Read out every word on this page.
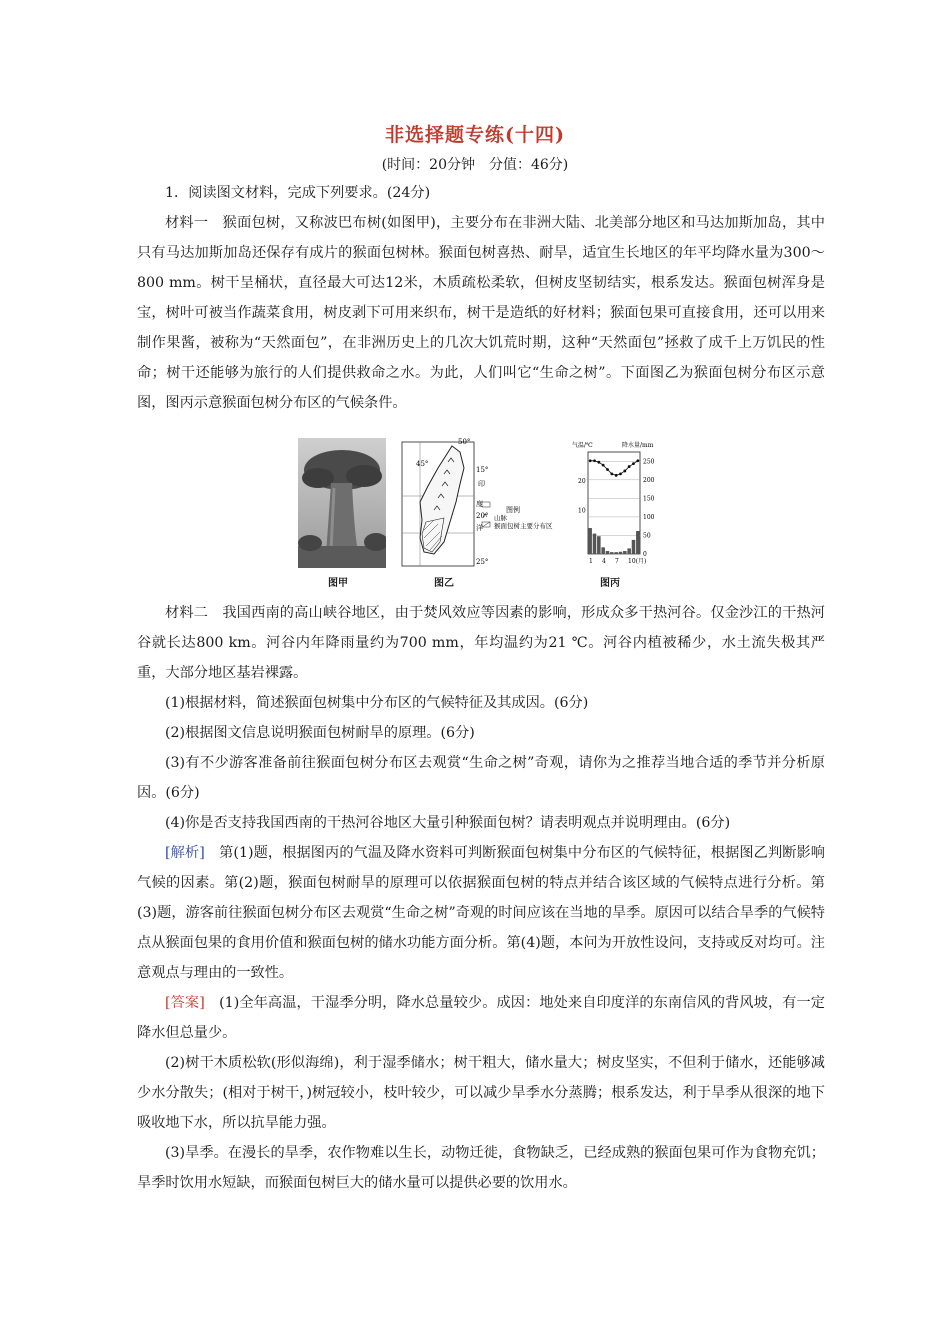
非选择题专练(十四)
(时间：20分钟　分值：46分)

1．阅读图文材料，完成下列要求。(24分)

材料一　猴面包树，又称波巴布树(如图甲)，主要分布在非洲大陆、北美部分地区和马达加斯加岛，其中只有马达加斯加岛还保存有成片的猴面包树林。猴面包树喜热、耐旱，适宜生长地区的年平均降水量为300～800 mm。树干呈桶状，直径最大可达12米，木质疏松柔软，但树皮坚韧结实，根系发达。猴面包树浑身是宝，树叶可被当作蔬菜食用，树皮剥下可用来织布，树干是造纸的好材料；猴面包果可直接食用，还可以用来制作果酱，被称为“天然面包”，在非洲历史上的几次大饥荒时期，这种“天然面包”拯救了成千上万饥民的性命；树干还能够为旅行的人们提供救命之水。为此，人们叫它“生命之树”。下面图乙为猴面包树分布区示意图，图丙示意猴面包树分布区的气候条件。

图甲
50°
45°
15°
印
度
20°
洋
25°
图例
山脉
猴面包树主要分布区
图乙
气温/℃	降水量/mm
250
200
150
100
50
0
20
10
1 4 7 10(月)
图丙

材料二　我国西南的高山峡谷地区，由于焚风效应等因素的影响，形成众多干热河谷。仅金沙江的干热河谷就长达800 km。河谷内年降雨量约为700 mm，年均温约为21 ℃。河谷内植被稀少，水土流失极其严重，大部分地区基岩裸露。

(1)根据材料，简述猴面包树集中分布区的气候特征及其成因。(6分)

(2)根据图文信息说明猴面包树耐旱的原理。(6分)

(3)有不少游客准备前往猴面包树分布区去观赏“生命之树”奇观，请你为之推荐当地合适的季节并分析原因。(6分)

(4)你是否支持我国西南的干热河谷地区大量引种猴面包树？请表明观点并说明理由。(6分)

[解析]　第(1)题，根据图丙的气温及降水资料可判断猴面包树集中分布区的气候特征，根据图乙判断影响气候的因素。第(2)题，猴面包树耐旱的原理可以依据猴面包树的特点并结合该区域的气候特点进行分析。第(3)题，游客前往猴面包树分布区去观赏“生命之树”奇观的时间应该在当地的旱季。原因可以结合旱季的气候特点从猴面包果的食用价值和猴面包树的储水功能方面分析。第(4)题，本问为开放性设问，支持或反对均可。注意观点与理由的一致性。

[答案]　(1)全年高温，干湿季分明，降水总量较少。成因：地处来自印度洋的东南信风的背风坡，有一定降水但总量少。

(2)树干木质松软(形似海绵)，利于湿季储水；树干粗大，储水量大；树皮坚实，不但利于储水，还能够减少水分散失；(相对于树干，)树冠较小，枝叶较少，可以减少旱季水分蒸腾；根系发达，利于旱季从很深的地下吸收地下水，所以抗旱能力强。

(3)旱季。在漫长的旱季，农作物难以生长，动物迁徙，食物缺乏，已经成熟的猴面包果可作为食物充饥；旱季时饮用水短缺，而猴面包树巨大的储水量可以提供必要的饮用水。
